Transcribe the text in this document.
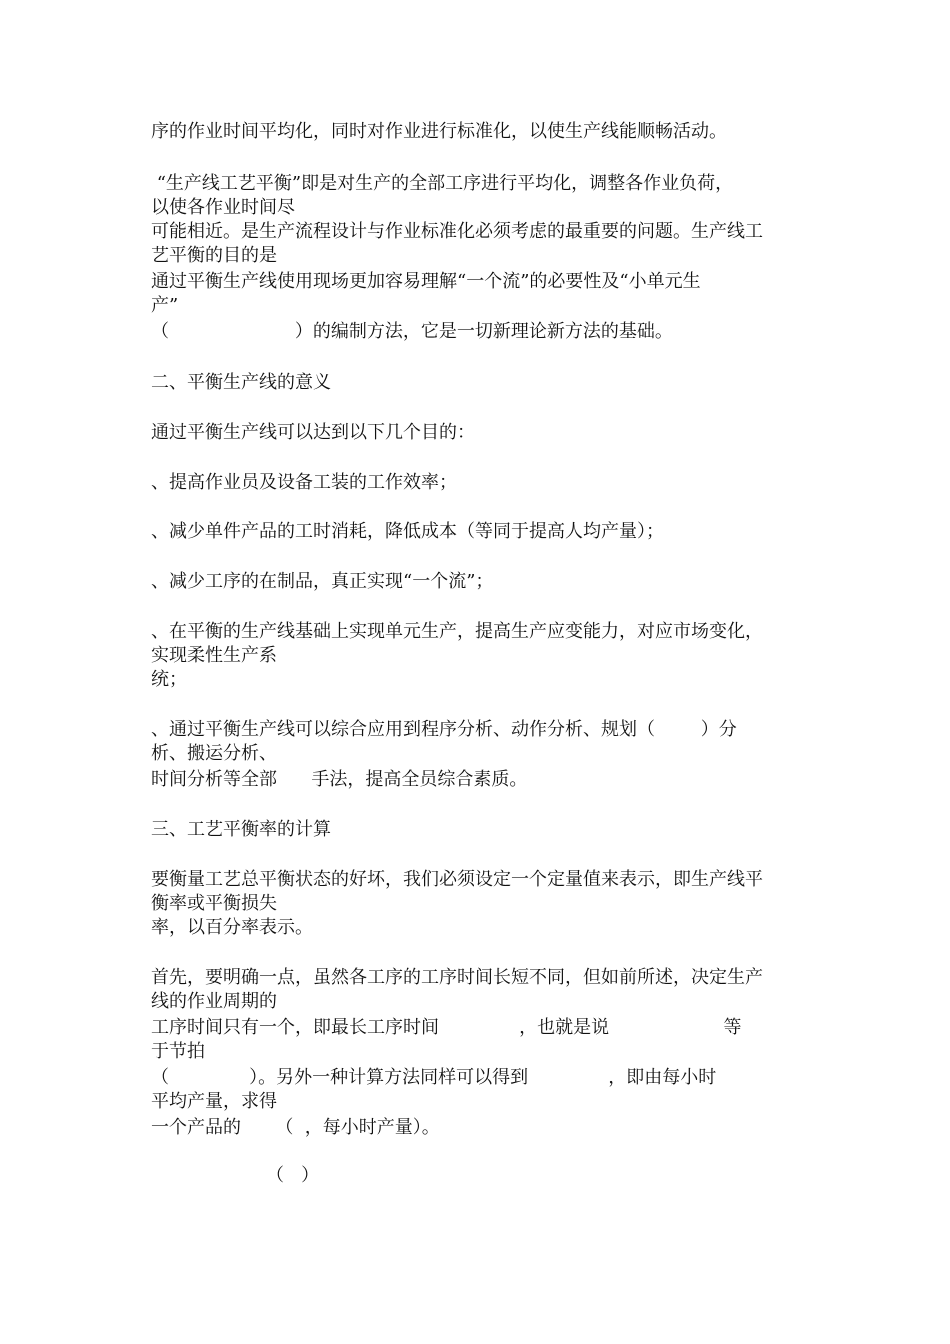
序的作业时间平均化，同时对作业进行标准化，以使生产线能顺畅活动。
“生产线工艺平衡”即是对生产的全部工序进行平均化，调整各作业负荷，
以使各作业时间尽
可能相近。是生产流程设计与作业标准化必须考虑的最重要的问题。生产线工
艺平衡的目的是
通过平衡生产线使用现场更加容易理解“一个流”的必要性及“小单元生
产”
（                      ）的编制方法，它是一切新理论新方法的基础。
二、平衡生产线的意义
通过平衡生产线可以达到以下几个目的：
、提高作业员及设备工装的工作效率；
、减少单件产品的工时消耗，降低成本（等同于提高人均产量）；
、减少工序的在制品，真正实现“一个流”；
、在平衡的生产线基础上实现单元生产，提高生产应变能力，对应市场变化，
实现柔性生产系
统；
、通过平衡生产线可以综合应用到程序分析、动作分析、规划（        ）分
析、搬运分析、
时间分析等全部      手法，提高全员综合素质。
三、工艺平衡率的计算
要衡量工艺总平衡状态的好坏，我们必须设定一个定量值来表示，即生产线平
衡率或平衡损失
率，以百分率表示。
首先，要明确一点，虽然各工序的工序时间长短不同，但如前所述，决定生产
线的作业周期的
工序时间只有一个，即最长工序时间              ，也就是说                    等
于节拍
（              ）。另外一种计算方法同样可以得到              ，即由每小时
平均产量，求得
一个产品的      （  ，每小时产量）。
（   ）
